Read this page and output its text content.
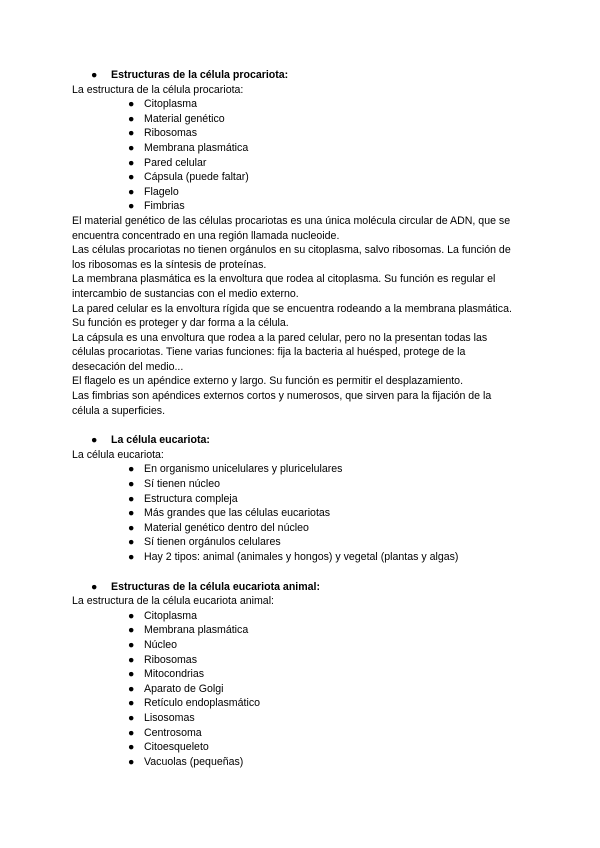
● Estructuras de la célula procariota:
La estructura de la célula procariota:
● Citoplasma
● Material genético
● Ribosomas
● Membrana plasmática
● Pared celular
● Cápsula (puede faltar)
● Flagelo
● Fimbrias
El material genético de las células procariotas es una única molécula circular de ADN, que se encuentra concentrado en una región llamada nucleoide.
Las células procariotas no tienen orgánulos en su citoplasma, salvo ribosomas. La función de los ribosomas es la síntesis de proteínas.
La membrana plasmática es la envoltura que rodea al citoplasma. Su función es regular el intercambio de sustancias con el medio externo.
La pared celular es la envoltura rígida que se encuentra rodeando a la membrana plasmática. Su función es proteger y dar forma a la célula.
La cápsula es una envoltura que rodea a la pared celular, pero no la presentan todas las células procariotas. Tiene varias funciones: fija la bacteria al huésped, protege de la desecación del medio...
El flagelo es un apéndice externo y largo. Su función es permitir el desplazamiento.
Las fimbrias son apéndices externos cortos y numerosos, que sirven para la fijación de la célula a superficies.
● La célula eucariota:
La célula eucariota:
● En organismo unicelulares y pluricelulares
● Sí tienen núcleo
● Estructura compleja
● Más grandes que las células eucariotas
● Material genético dentro del núcleo
● Sí tienen orgánulos celulares
● Hay 2 tipos: animal (animales y hongos) y vegetal (plantas y algas)
● Estructuras de la célula eucariota animal:
La estructura de la célula eucariota animal:
● Citoplasma
● Membrana plasmática
● Núcleo
● Ribosomas
● Mitocondrias
● Aparato de Golgi
● Retículo endoplasmático
● Lisosomas
● Centrosoma
● Citoesqueleto
● Vacuolas (pequeñas)
